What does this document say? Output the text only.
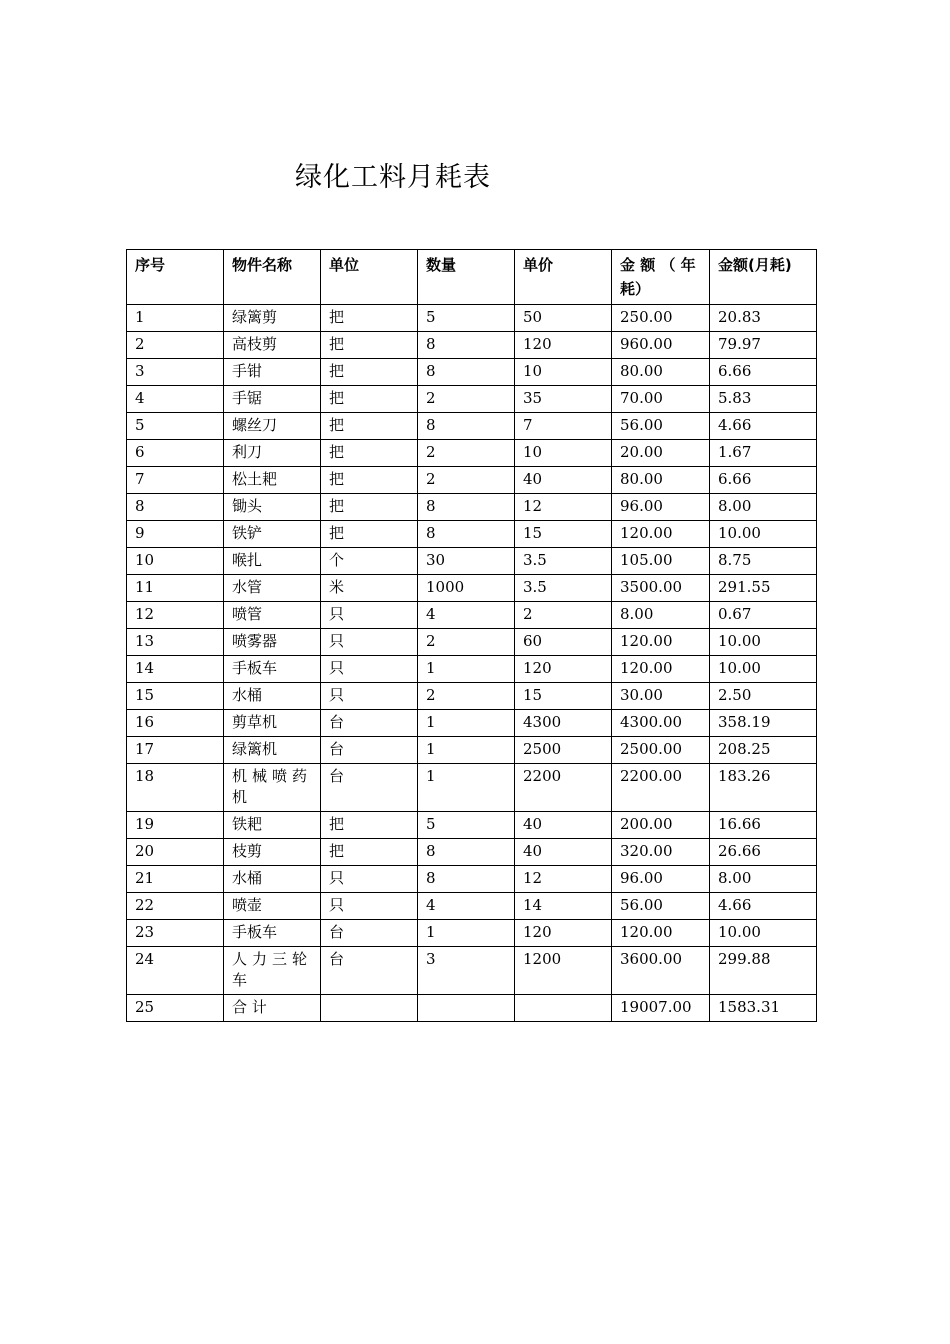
绿化工料月耗表
序号	物件名称	单位	数量	单价	金 额 （ 年耗）	金额(月耗)
1	绿篱剪	把	5	50	250.00	20.83
2	高枝剪	把	8	120	960.00	79.97
3	手钳	把	8	10	80.00	6.66
4	手锯	把	2	35	70.00	5.83
5	螺丝刀	把	8	7	56.00	4.66
6	利刀	把	2	10	20.00	1.67
7	松土耙	把	2	40	80.00	6.66
8	锄头	把	8	12	96.00	8.00
9	铁铲	把	8	15	120.00	10.00
10	喉扎	个	30	3.5	105.00	8.75
11	水管	米	1000	3.5	3500.00	291.55
12	喷管	只	4	2	8.00	0.67
13	喷雾器	只	2	60	120.00	10.00
14	手板车	只	1	120	120.00	10.00
15	水桶	只	2	15	30.00	2.50
16	剪草机	台	1	4300	4300.00	358.19
17	绿篱机	台	1	2500	2500.00	208.25
18	机械喷药机	台	1	2200	2200.00	183.26
19	铁耙	把	5	40	200.00	16.66
20	枝剪	把	8	40	320.00	26.66
21	水桶	只	8	12	96.00	8.00
22	喷壶	只	4	14	56.00	4.66
23	手板车	台	1	120	120.00	10.00
24	人力三轮车	台	3	1200	3600.00	299.88
25	合 计				19007.00	1583.31
